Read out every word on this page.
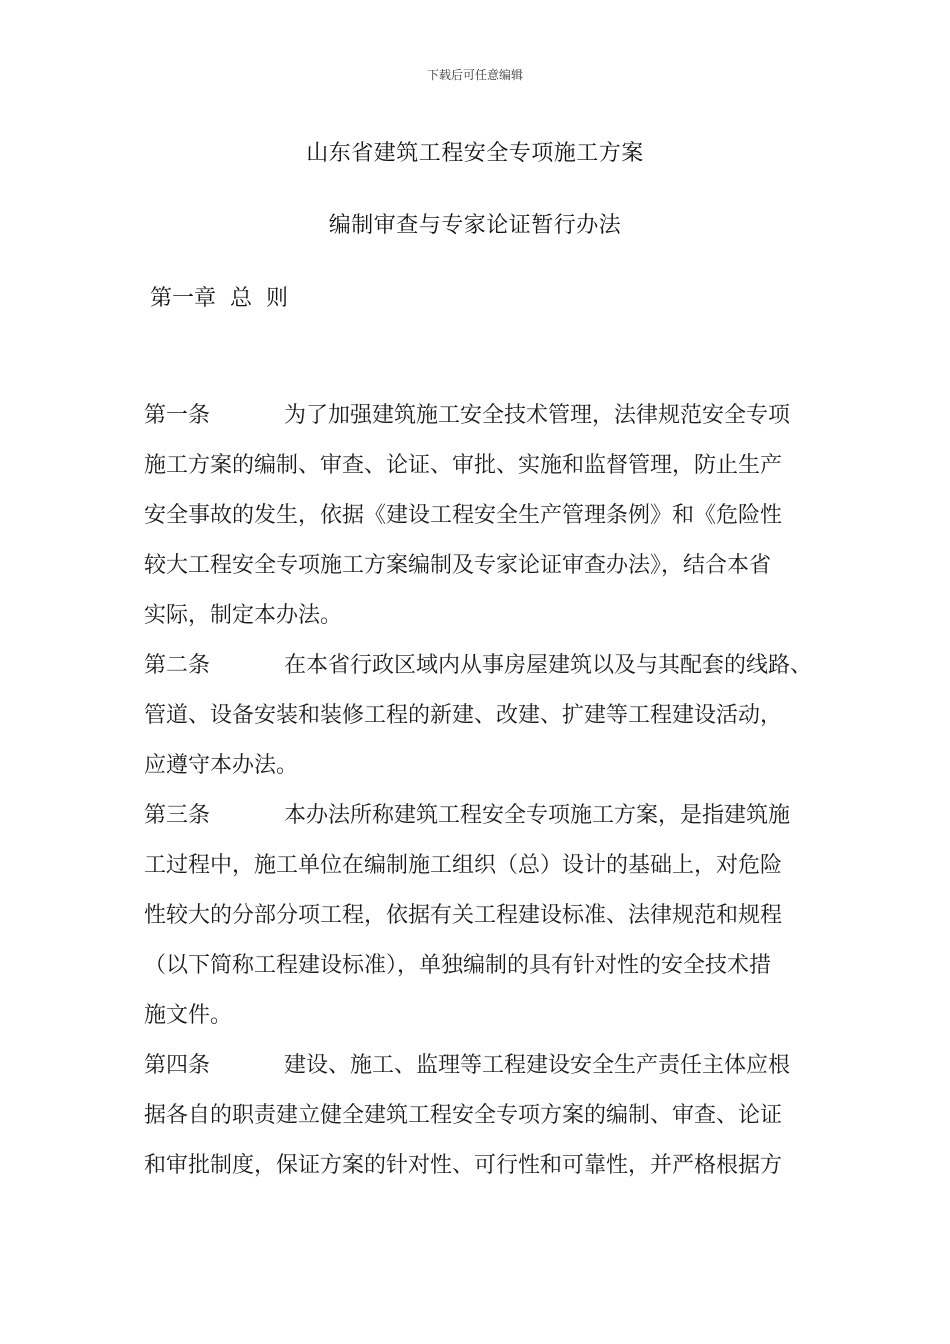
下载后可任意编辑
山东省建筑工程安全专项施工方案
编制审查与专家论证暂行办法
第一章  总  则
第一条	为了加强建筑施工安全技术管理，法律规范安全专项
施工方案的编制、审查、论证、审批、实施和监督管理，防止生产
安全事故的发生，依据《建设工程安全生产管理条例》和《危险性
较大工程安全专项施工方案编制及专家论证审查办法》，结合本省
实际，制定本办法。
第二条	在本省行政区域内从事房屋建筑以及与其配套的线路、
管道、设备安装和装修工程的新建、改建、扩建等工程建设活动，
应遵守本办法。
第三条	本办法所称建筑工程安全专项施工方案，是指建筑施
工过程中，施工单位在编制施工组织（总）设计的基础上，对危险
性较大的分部分项工程，依据有关工程建设标准、法律规范和规程
（以下简称工程建设标准），单独编制的具有针对性的安全技术措
施文件。
第四条	建设、施工、监理等工程建设安全生产责任主体应根
据各自的职责建立健全建筑工程安全专项方案的编制、审查、论证
和审批制度，保证方案的针对性、可行性和可靠性，并严格根据方
